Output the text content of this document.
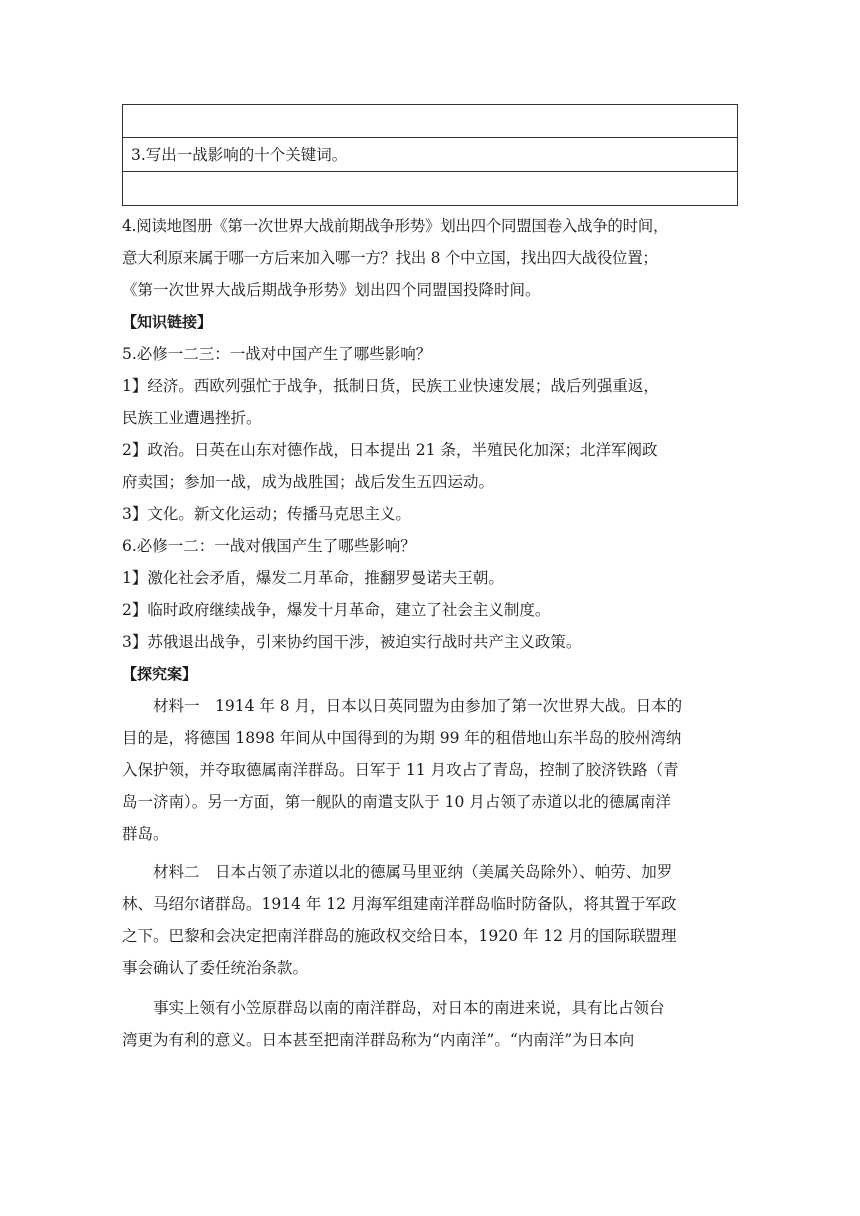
3.写出一战影响的十个关键词。
4.阅读地图册《第一次世界大战前期战争形势》划出四个同盟国卷入战争的时间，
意大利原来属于哪一方后来加入哪一方？找出 8 个中立国，找出四大战役位置；
《第一次世界大战后期战争形势》划出四个同盟国投降时间。
【知识链接】
5.必修一二三：一战对中国产生了哪些影响？
1】经济。西欧列强忙于战争，抵制日货，民族工业快速发展；战后列强重返，
民族工业遭遇挫折。
2】政治。日英在山东对德作战，日本提出 21 条，半殖民化加深；北洋军阀政
府卖国；参加一战，成为战胜国；战后发生五四运动。
3】文化。新文化运动；传播马克思主义。
6.必修一二：一战对俄国产生了哪些影响？
1】激化社会矛盾，爆发二月革命，推翻罗曼诺夫王朝。
2】临时政府继续战争，爆发十月革命，建立了社会主义制度。
3】苏俄退出战争，引来协约国干涉，被迫实行战时共产主义政策。
【探究案】
材料一　1914 年 8 月，日本以日英同盟为由参加了第一次世界大战。日本的
目的是，将德国 1898 年间从中国得到的为期 99 年的租借地山东半岛的胶州湾纳
入保护领，并夺取德属南洋群岛。日军于 11 月攻占了青岛，控制了胶济铁路（青
岛一济南）。另一方面，第一舰队的南遣支队于 10 月占领了赤道以北的德属南洋
群岛。
材料二　日本占领了赤道以北的德属马里亚纳（美属关岛除外）、帕劳、加罗
林、马绍尔诸群岛。1914 年 12 月海军组建南洋群岛临时防备队，将其置于军政
之下。巴黎和会决定把南洋群岛的施政权交给日本，1920 年 12 月的国际联盟理
事会确认了委任统治条款。
事实上领有小笠原群岛以南的南洋群岛，对日本的南进来说，具有比占领台
湾更为有利的意义。日本甚至把南洋群岛称为“内南洋”。“内南洋”为日本向
